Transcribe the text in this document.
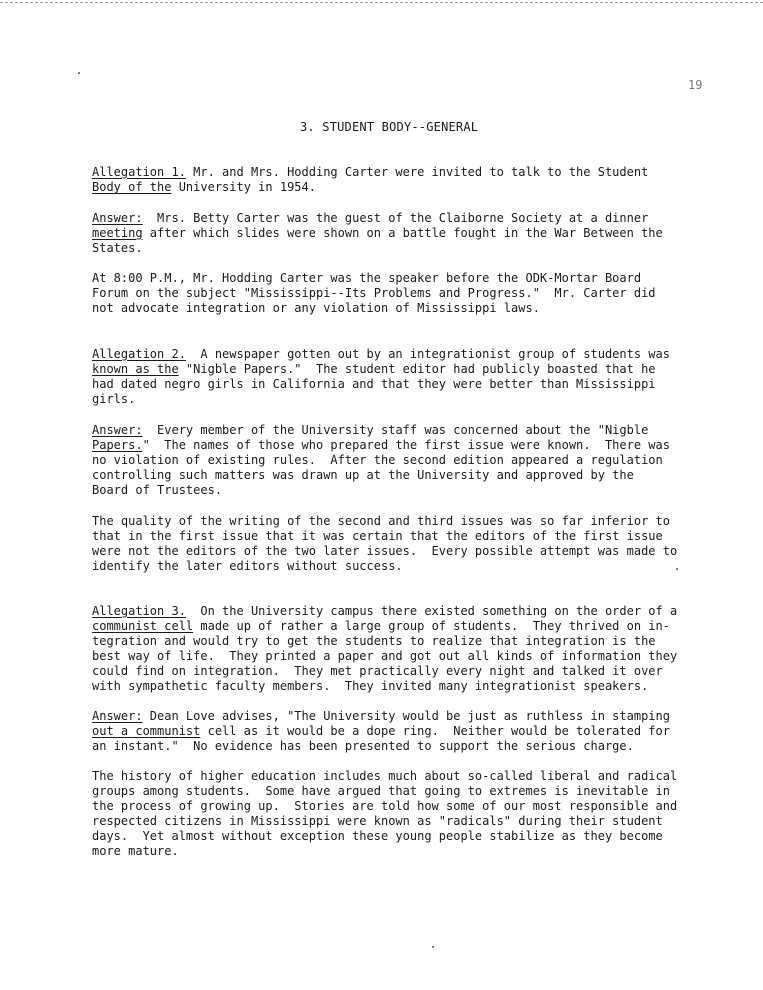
19
3. STUDENT BODY--GENERAL

Allegation 1. Mr. and Mrs. Hodding Carter were invited to talk to the Student
Body of the University in 1954.

Answer:  Mrs. Betty Carter was the guest of the Claiborne Society at a dinner
meeting after which slides were shown on a battle fought in the War Between the
States.

At 8:00 P.M., Mr. Hodding Carter was the speaker before the ODK-Mortar Board
Forum on the subject "Mississippi--Its Problems and Progress."  Mr. Carter did
not advocate integration or any violation of Mississippi laws.

Allegation 2.  A newspaper gotten out by an integrationist group of students was
known as the "Nigble Papers."  The student editor had publicly boasted that he
had dated negro girls in California and that they were better than Mississippi
girls.

Answer:  Every member of the University staff was concerned about the "Nigble
Papers."  The names of those who prepared the first issue were known.  There was
no violation of existing rules.  After the second edition appeared a regulation
controlling such matters was drawn up at the University and approved by the
Board of Trustees.

The quality of the writing of the second and third issues was so far inferior to
that in the first issue that it was certain that the editors of the first issue
were not the editors of the two later issues.  Every possible attempt was made to
identify the later editors without success.

Allegation 3.  On the University campus there existed something on the order of a
communist cell made up of rather a large group of students.  They thrived on in-
tegration and would try to get the students to realize that integration is the
best way of life.  They printed a paper and got out all kinds of information they
could find on integration.  They met practically every night and talked it over
with sympathetic faculty members.  They invited many integrationist speakers.

Answer: Dean Love advises, "The University would be just as ruthless in stamping
out a communist cell as it would be a dope ring.  Neither would be tolerated for
an instant."  No evidence has been presented to support the serious charge.

The history of higher education includes much about so-called liberal and radical
groups among students.  Some have argued that going to extremes is inevitable in
the process of growing up.  Stories are told how some of our most responsible and
respected citizens in Mississippi were known as "radicals" during their student
days.  Yet almost without exception these young people stabilize as they become
more mature.
